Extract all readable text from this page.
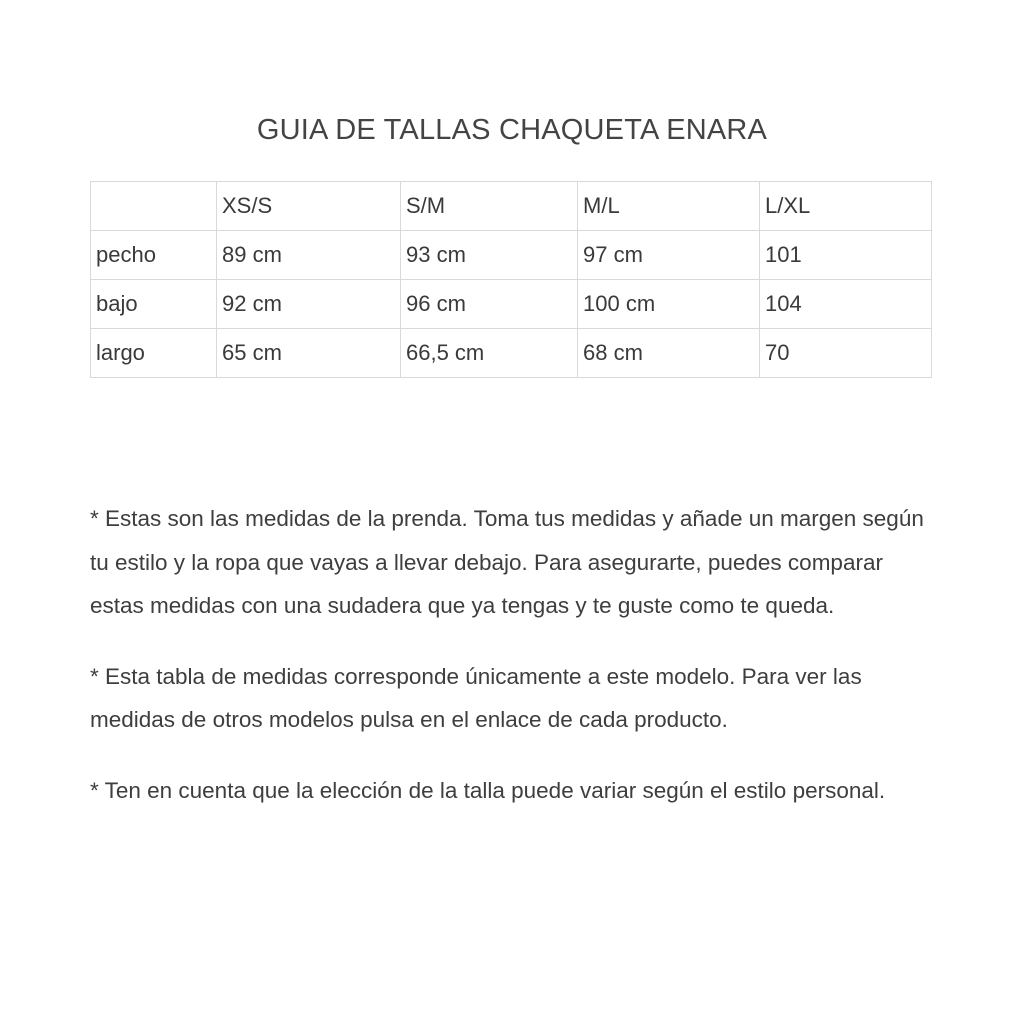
GUIA DE TALLAS CHAQUETA ENARA
	XS/S	S/M	M/L	L/XL
pecho	89 cm	93 cm	97 cm	101
bajo	92 cm	96 cm	100 cm	104
largo	65 cm	66,5 cm	68 cm	70

* Estas son las medidas de la prenda. Toma tus medidas y añade un margen según tu estilo y la ropa que vayas a llevar debajo. Para asegurarte, puedes comparar estas medidas con una sudadera que ya tengas y te guste como te queda.

* Esta tabla de medidas corresponde únicamente a este modelo. Para ver las medidas de otros modelos pulsa en el enlace de cada producto.

* Ten en cuenta que la elección de la talla puede variar según el estilo personal.
